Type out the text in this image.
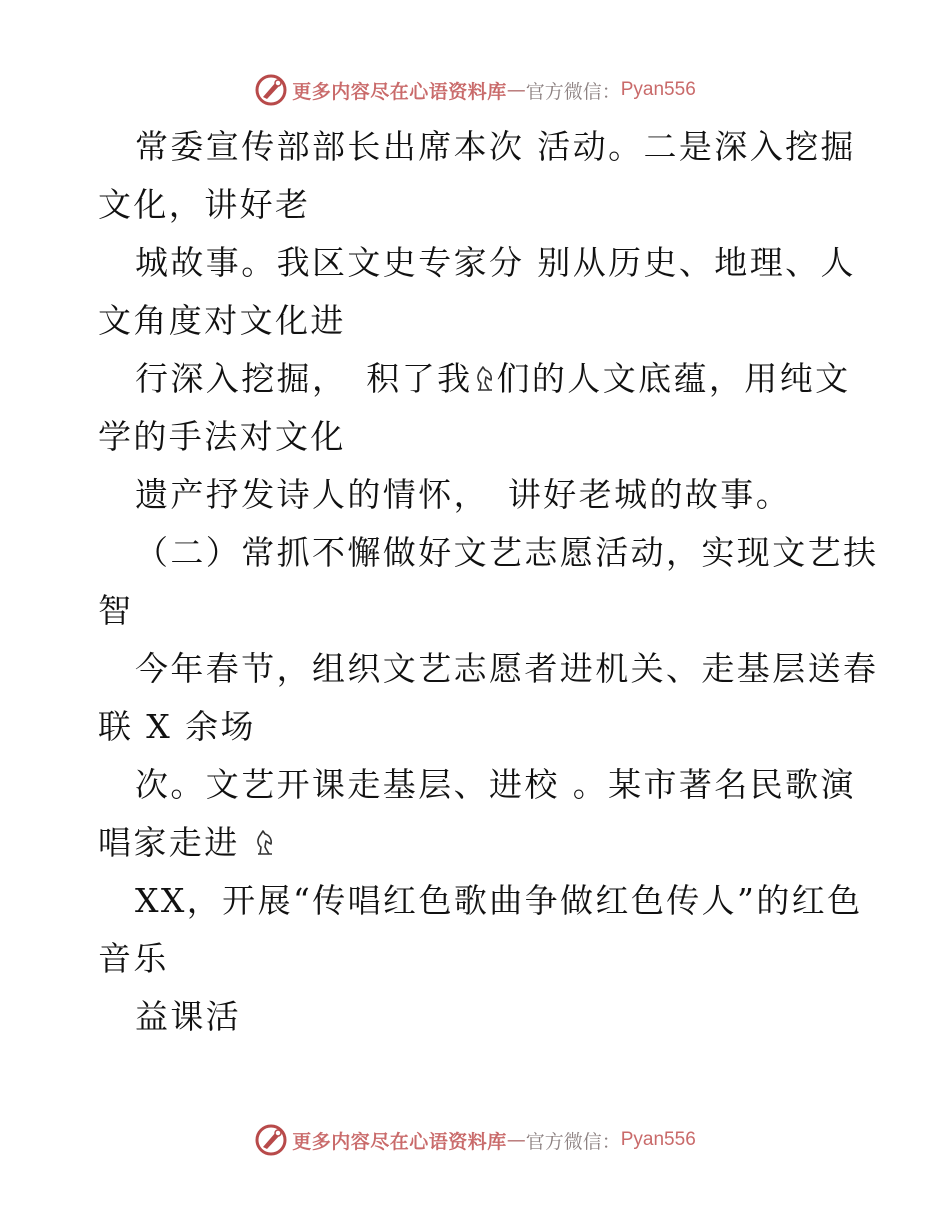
更多内容尽在心语资料库 — 官方微信： Pyan556
常委宣传部部长出席本次 活动。二是深入挖掘
文化，讲好老
城故事。我区文史专家分 别从历史、地理、人
文角度对文化进
行深入挖掘，　积了我 们的人文底蕴，用纯文
学的手法对文化
遗产抒发诗人的情怀，　讲好老城的故事。
（二）常抓不懈做好文艺志愿活动，实现文艺扶
智
今年春节，组织文艺志愿者进机关、走基层送春
联 X 余场
次。文艺开课走基层、进校 。某市著名民歌演
唱家走进
XX，开展“传唱红色歌曲争做红色传人”的红色
音乐
益课活
更多内容尽在心语资料库 — 官方微信： Pyan556
